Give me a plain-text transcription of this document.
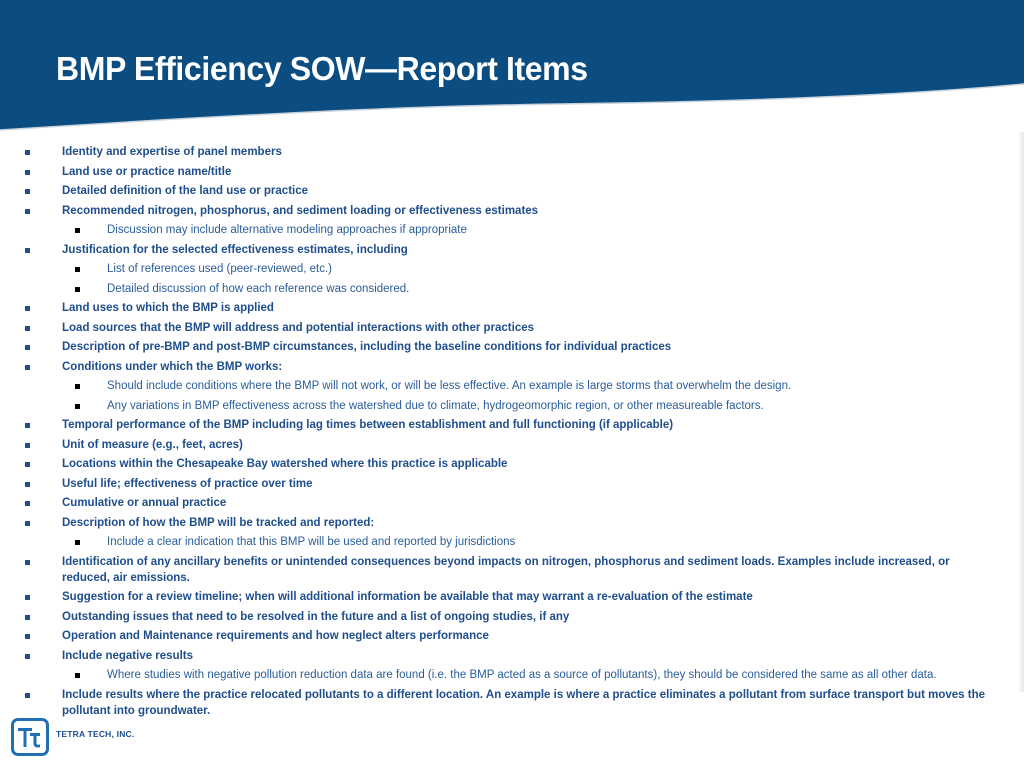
BMP Efficiency SOW—Report Items
Identity and expertise of panel members
Land use or practice name/title
Detailed definition of the land use or practice
Recommended nitrogen, phosphorus, and sediment loading or effectiveness estimates
Discussion may include alternative modeling approaches if appropriate
Justification for the selected effectiveness estimates, including
List of references used (peer-reviewed, etc.)
Detailed discussion of how each reference was considered.
Land uses to which the BMP is applied
Load sources that the BMP will address and potential interactions with other practices
Description of pre-BMP and post-BMP circumstances, including the baseline conditions for individual practices
Conditions under which the BMP works:
Should include conditions where the BMP will not work, or will be less effective. An example is large storms that overwhelm the design.
Any variations in BMP effectiveness across the watershed due to climate, hydrogeomorphic region, or other measureable factors.
Temporal performance of the BMP including lag times between establishment and full functioning (if applicable)
Unit of measure (e.g., feet, acres)
Locations within the Chesapeake Bay watershed where this practice is applicable
Useful life; effectiveness of practice over time
Cumulative or annual practice
Description of how the BMP will be tracked and reported:
Include a clear indication that this BMP will be used and reported by jurisdictions
Identification of any ancillary benefits or unintended consequences beyond impacts on nitrogen, phosphorus and sediment loads. Examples include increased, or reduced, air emissions.
Suggestion for a review timeline; when will additional information be available that may warrant a re-evaluation of the estimate
Outstanding issues that need to be resolved in the future and a list of ongoing studies, if any
Operation and Maintenance requirements and how neglect alters performance
Include negative results
Where studies with negative pollution reduction data are found (i.e. the BMP acted as a source of pollutants), they should be considered the same as all other data.
Include results where the practice relocated pollutants to a different location. An example is where a practice eliminates a pollutant from surface transport but moves the pollutant into groundwater.
TETRA TECH, INC.
